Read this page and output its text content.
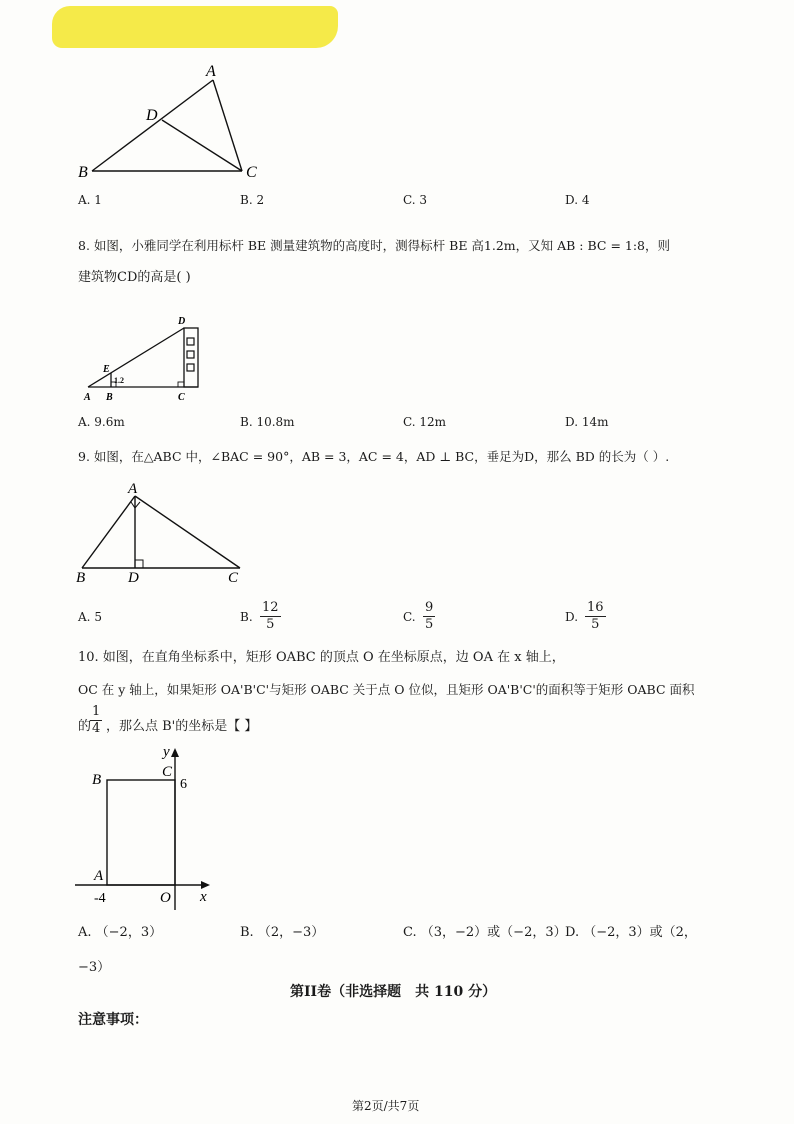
A
D
B	C
A. 1	B. 2	C. 3	D. 4
8. 如图，小雅同学在利用标杆 BE 测量建筑物的高度时，测得标杆 BE 高1.2m，又知 AB : BC = 1:8，则
建筑物CD的高是( )
D
E
1.2
A B	C
A. 9.6m	B. 10.8m	C. 12m	D. 14m
9. 如图，在△ABC 中，∠BAC = 90°，AB = 3，AC = 4，AD ⊥ BC，垂足为D，那么 BD 的长为（ ）.
A
B	D	C
A. 5	B. $\frac{12}{5}$	C. $\frac{9}{5}$	D. $\frac{16}{5}$
10. 如图，在直角坐标系中，矩形 OABC 的顶点 O 在坐标原点，边 OA 在 x 轴上，
OC 在 y 轴上，如果矩形 OA'B'C'与矩形 OABC 关于点 O 位似，且矩形 OA'B'C'的面积等于矩形 OABC 面积
的
$\frac{1}{4}$ ，那么点 B'的坐标是【 】
y
x
B	C
6
A
-4	O
A. （−2，3）	B. （2，−3）	C. （3，−2）或（−2，3）
D. （−2，3）或（2，
−3）
第II卷（非选择题　共 110 分）
注意事项：
第2页/共7页
